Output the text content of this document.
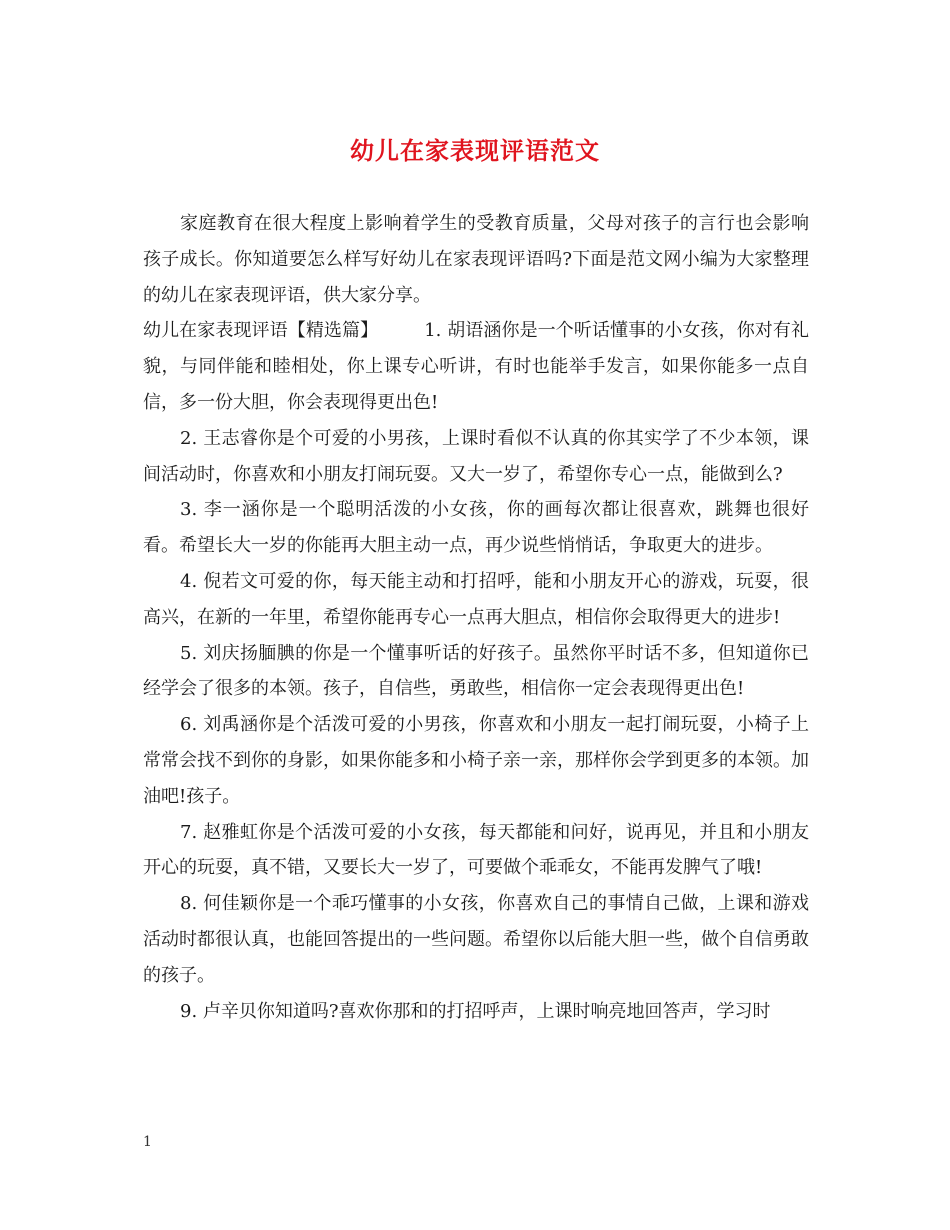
幼儿在家表现评语范文

家庭教育在很大程度上影响着学生的受教育质量，父母对孩子的言行也会影响孩子成长。你知道要怎么样写好幼儿在家表现评语吗?下面是范文网小编为大家整理的幼儿在家表现评语，供大家分享。

幼儿在家表现评语【精选篇】	1. 胡语涵你是一个听话懂事的小女孩，你对有礼貌，与同伴能和睦相处，你上课专心听讲，有时也能举手发言，如果你能多一点自信，多一份大胆，你会表现得更出色!

2. 王志睿你是个可爱的小男孩，上课时看似不认真的你其实学了不少本领，课间活动时，你喜欢和小朋友打闹玩耍。又大一岁了，希望你专心一点，能做到么?

3. 李一涵你是一个聪明活泼的小女孩，你的画每次都让很喜欢，跳舞也很好看。希望长大一岁的你能再大胆主动一点，再少说些悄悄话，争取更大的进步。

4. 倪若文可爱的你，每天能主动和打招呼，能和小朋友开心的游戏，玩耍，很高兴，在新的一年里，希望你能再专心一点再大胆点，相信你会取得更大的进步!

5. 刘庆扬腼腆的你是一个懂事听话的好孩子。虽然你平时话不多，但知道你已经学会了很多的本领。孩子，自信些，勇敢些，相信你一定会表现得更出色!

6. 刘禹涵你是个活泼可爱的小男孩，你喜欢和小朋友一起打闹玩耍，小椅子上常常会找不到你的身影，如果你能多和小椅子亲一亲，那样你会学到更多的本领。加油吧!孩子。

7. 赵雅虹你是个活泼可爱的小女孩，每天都能和问好，说再见，并且和小朋友开心的玩耍，真不错，又要长大一岁了，可要做个乖乖女，不能再发脾气了哦!

8. 何佳颖你是一个乖巧懂事的小女孩，你喜欢自己的事情自己做，上课和游戏活动时都很认真，也能回答提出的一些问题。希望你以后能大胆一些，做个自信勇敢的孩子。

9. 卢辛贝你知道吗?喜欢你那和的打招呼声，上课时响亮地回答声，学习时

1
